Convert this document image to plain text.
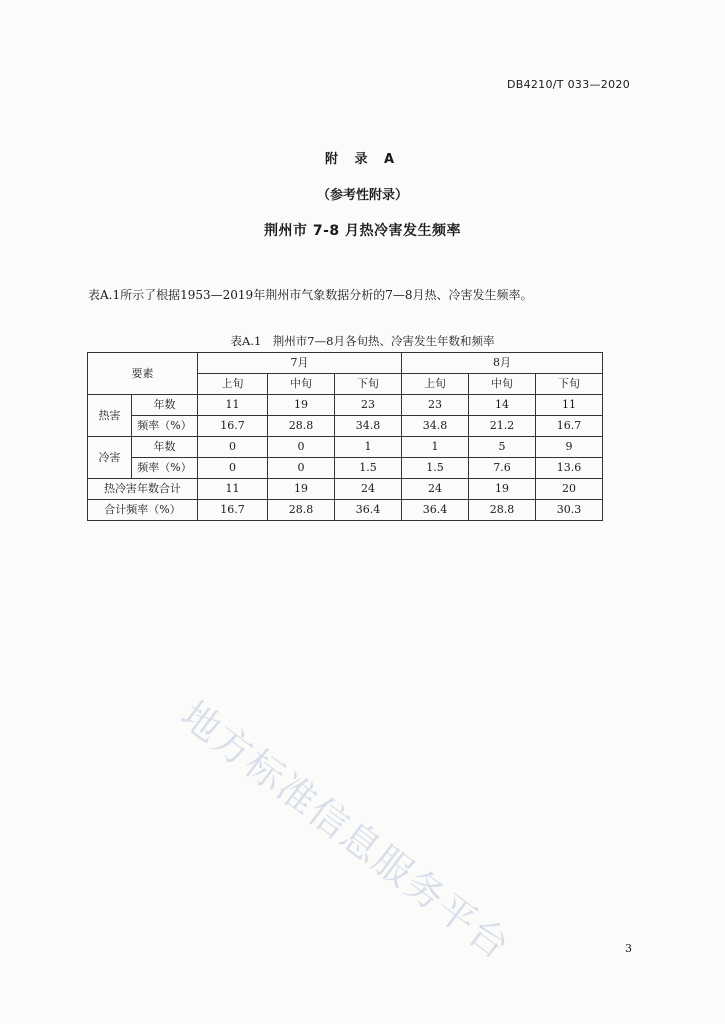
DB4210/T 033—2020
附 录 A
（参考性附录）
荆州市 7-8 月热冷害发生频率
表A.1所示了根据1953—2019年荆州市气象数据分析的7—8月热、冷害发生频率。
表A.1　荆州市7—8月各旬热、冷害发生年数和频率
要素		7月			8月		
		上旬	中旬	下旬	上旬	中旬	下旬
热害	年数	11	19	23	23	14	11
	频率（%）	16.7	28.8	34.8	34.8	21.2	16.7
冷害	年数	0	0	1	1	5	9
	频率（%）	0	0	1.5	1.5	7.6	13.6
热冷害年数合计		11	19	24	24	19	20
合计频率（%）		16.7	28.8	36.4	36.4	28.8	30.3
地方标准信息服务平台	3
